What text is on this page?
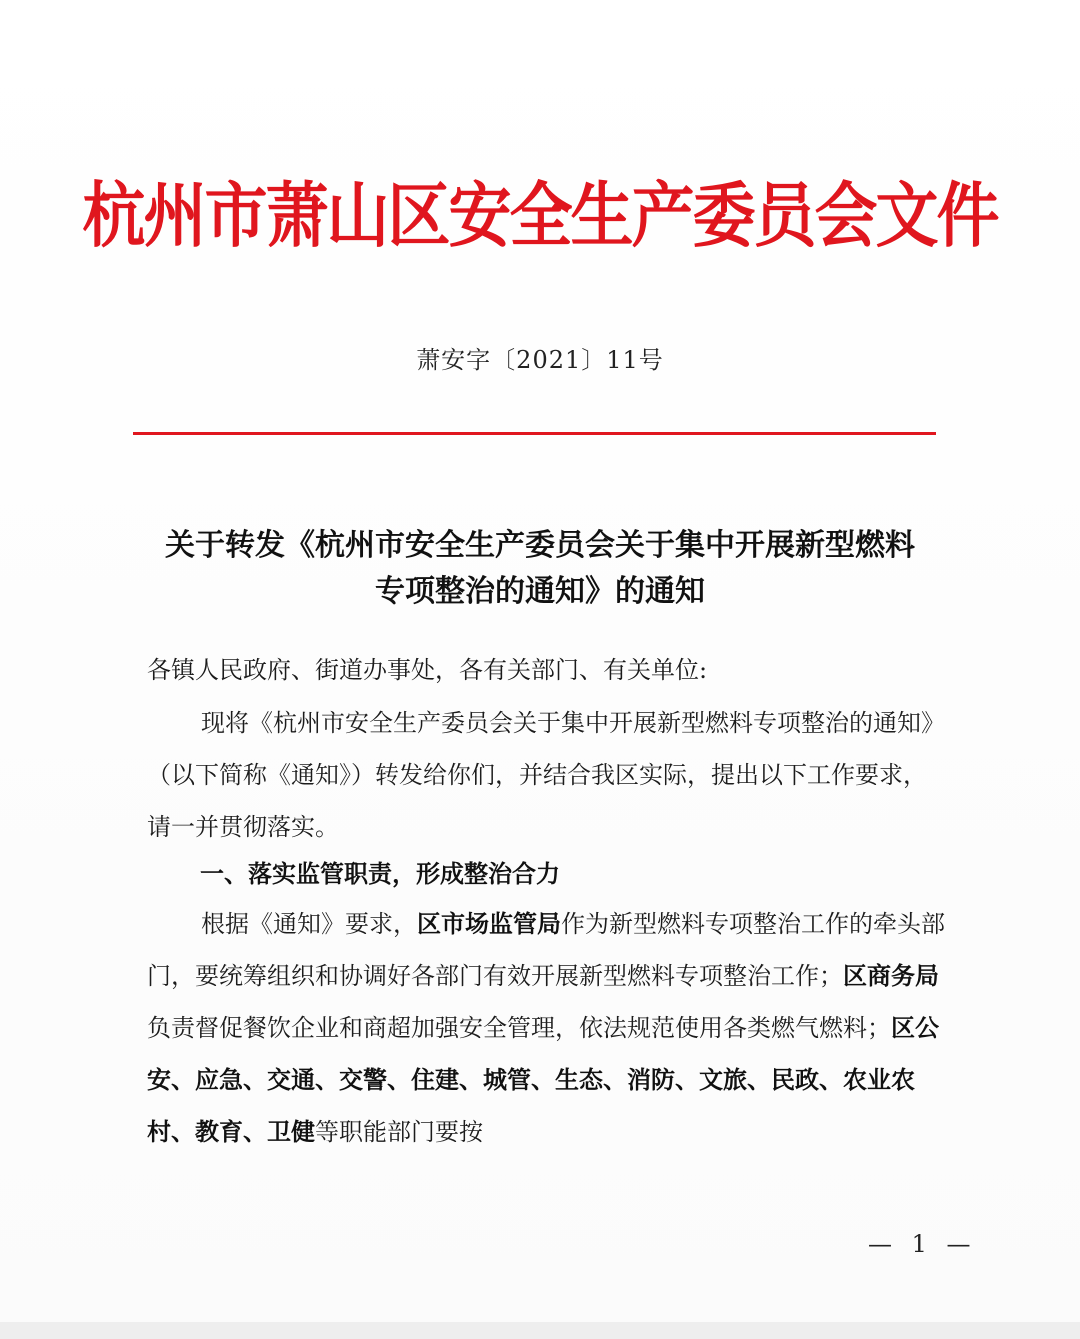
杭州市萧山区安全生产委员会文件
萧安字〔2021〕11号
关于转发《杭州市安全生产委员会关于集中开展新型燃料
专项整治的通知》的通知
各镇人民政府、街道办事处，各有关部门、有关单位:
现将《杭州市安全生产委员会关于集中开展新型燃料专项整治的通知》（以下简称《通知》）转发给你们，并结合我区实际，提出以下工作要求，请一并贯彻落实。
一、落实监管职责，形成整治合力
根据《通知》要求，区市场监管局作为新型燃料专项整治工作的牵头部门，要统筹组织和协调好各部门有效开展新型燃料专项整治工作；区商务局负责督促餐饮企业和商超加强安全管理，依法规范使用各类燃气燃料；区公安、应急、交通、交警、住建、城管、生态、消防、文旅、民政、农业农村、教育、卫健等职能部门要按
— 1 —
